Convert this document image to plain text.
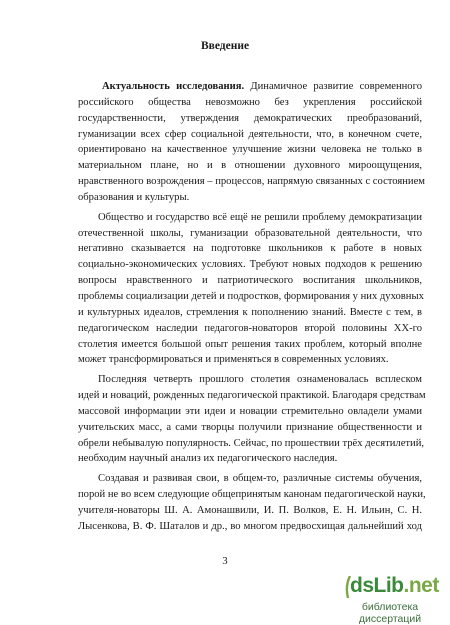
Введение
Актуальность исследования. Динамичное развитие современного
российского общества невозможно без укрепления российской
государственности, утверждения демократических преобразований,
гуманизации всех сфер социальной деятельности, что, в конечном счете,
ориентировано на качественное улучшение жизни человека не только в
материальном плане, но и в отношении духовного мироощущения,
нравственного возрождения – процессов, напрямую связанных с состоянием
образования и культуры.
Общество и государство всё ещё не решили проблему демократизации
отечественной школы, гуманизации образовательной деятельности, что
негативно сказывается на подготовке школьников к работе в новых
социально-экономических условиях. Требуют новых подходов к решению
вопросы нравственного и патриотического воспитания школьников,
проблемы социализации детей и подростков, формирования у них духовных
и культурных идеалов, стремления к пополнению знаний. Вместе с тем, в
педагогическом наследии педагогов-новаторов второй половины XX-го
столетия имеется большой опыт решения таких проблем, который вполне
может трансформироваться и применяться в современных условиях.
Последняя четверть прошлого столетия ознаменовалась всплеском
идей и новаций, рожденных педагогической практикой. Благодаря средствам
массовой информации эти идеи и новации стремительно овладели умами
учительских масс, а сами творцы получили признание общественности и
обрели небывалую популярность. Сейчас, по прошествии трёх десятилетий,
необходим научный анализ их педагогического наследия.
Создавая и развивая свои, в общем-то, различные системы обучения,
порой не во всем следующие общепринятым канонам педагогической науки,
учителя-новаторы Ш. А. Амонашвили, И. П. Волков, Е. Н. Ильин, С. Н.
Лысенкова, В. Ф. Шаталов и др., во многом предвосхищая дальнейший ход
3
dsLib.net
библиотека диссертаций
